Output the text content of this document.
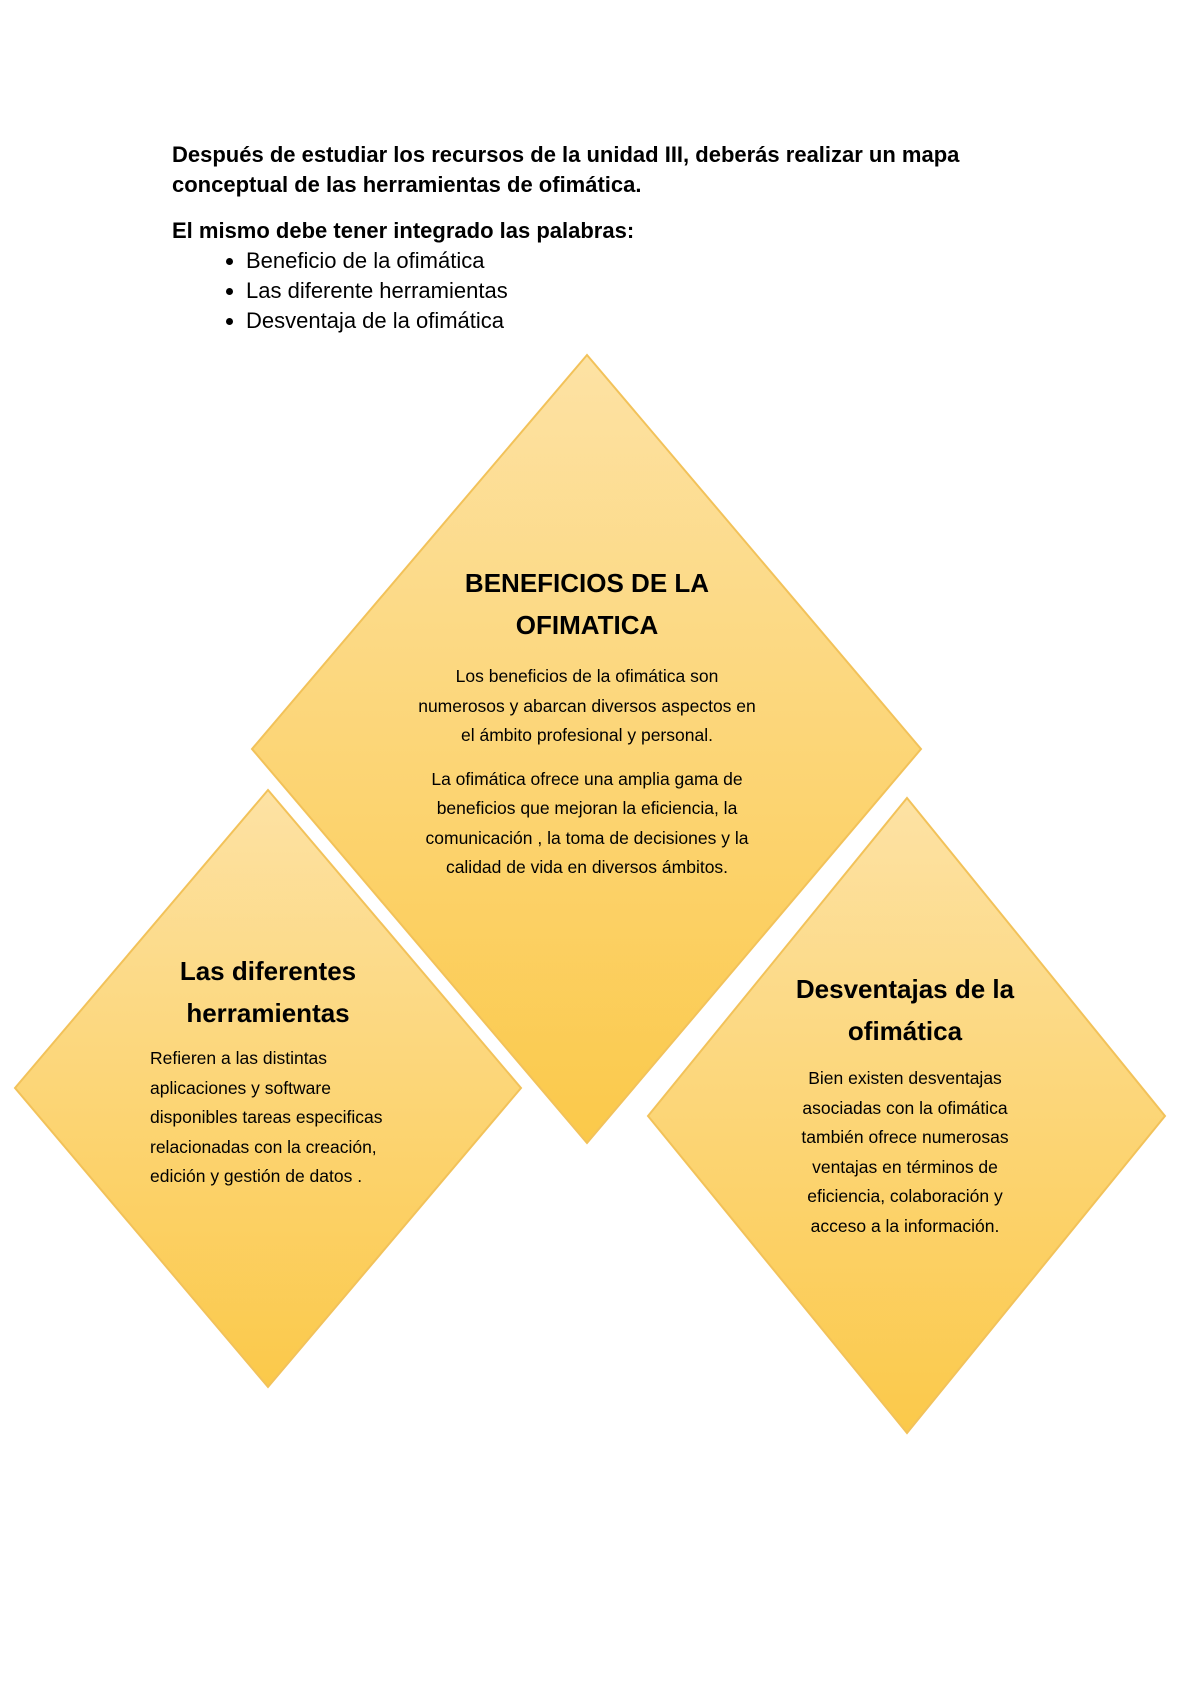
Después de estudiar los recursos de la unidad III, deberás realizar un mapa conceptual de las herramientas de ofimática.

El mismo debe tener integrado las palabras:

• Beneficio de la ofimática
• Las diferente herramientas
• Desventaja de la ofimática
BENEFICIOS DE LA OFIMATICA

Los beneficios de la ofimática son numerosos y abarcan diversos aspectos en el ámbito profesional y personal.

La ofimática ofrece una amplia gama de beneficios que mejoran la eficiencia, la comunicación , la toma de decisiones y la calidad de vida en diversos ámbitos.

Las diferentes herramientas
Refieren a las distintas aplicaciones y software disponibles tareas especificas relacionadas con la creación, edición y gestión de datos .
Desventajas de la ofimática
Bien existen desventajas asociadas con la ofimática también ofrece numerosas ventajas en términos de eficiencia, colaboración y acceso a la información.
